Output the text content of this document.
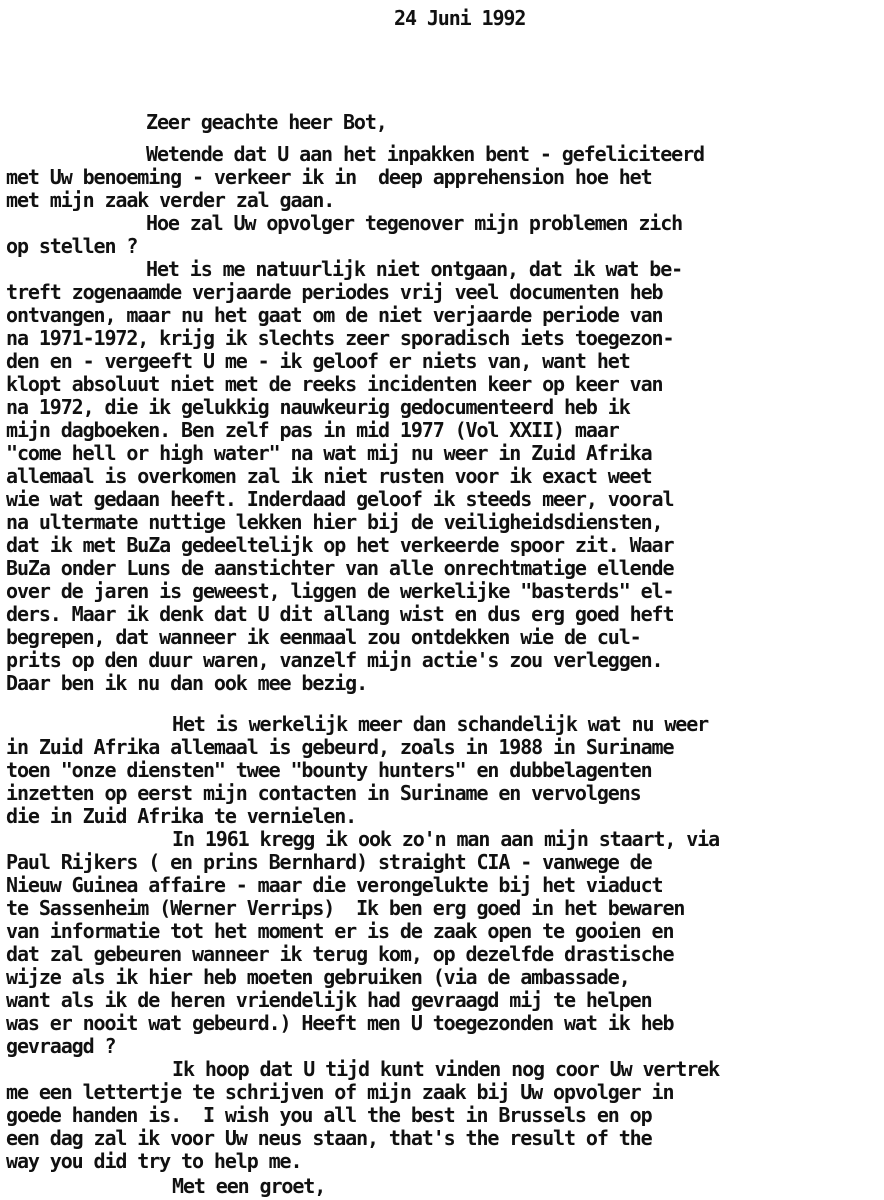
24 Juni 1992
Zeer geachte heer Bot,
Wetende dat U aan het inpakken bent - gefeliciteerd
met Uw benoeming - verkeer ik in  deep apprehension hoe het
met mijn zaak verder zal gaan.
Hoe zal Uw opvolger tegenover mijn problemen zich
op stellen ?
Het is me natuurlijk niet ontgaan, dat ik wat be-
treft zogenaamde verjaarde periodes vrij veel documenten heb
ontvangen, maar nu het gaat om de niet verjaarde periode van
na 1971-1972, krijg ik slechts zeer sporadisch iets toegezon-
den en - vergeeft U me - ik geloof er niets van, want het
klopt absoluut niet met de reeks incidenten keer op keer van
na 1972, die ik gelukkig nauwkeurig gedocumenteerd heb ik
mijn dagboeken. Ben zelf pas in mid 1977 (Vol XXII) maar
"come hell or high water" na wat mij nu weer in Zuid Afrika
allemaal is overkomen zal ik niet rusten voor ik exact weet
wie wat gedaan heeft. Inderdaad geloof ik steeds meer, vooral
na ultermate nuttige lekken hier bij de veiligheidsdiensten,
dat ik met BuZa gedeeltelijk op het verkeerde spoor zit. Waar
BuZa onder Luns de aanstichter van alle onrechtmatige ellende
over de jaren is geweest, liggen de werkelijke "basterds" el-
ders. Maar ik denk dat U dit allang wist en dus erg goed heft
begrepen, dat wanneer ik eenmaal zou ontdekken wie de cul-
prits op den duur waren, vanzelf mijn actie's zou verleggen.
Daar ben ik nu dan ook mee bezig.
Het is werkelijk meer dan schandelijk wat nu weer
in Zuid Afrika allemaal is gebeurd, zoals in 1988 in Suriname
toen "onze diensten" twee "bounty hunters" en dubbelagenten
inzetten op eerst mijn contacten in Suriname en vervolgens
die in Zuid Afrika te vernielen.
In 1961 kregg ik ook zo'n man aan mijn staart, via
Paul Rijkers ( en prins Bernhard) straight CIA - vanwege de
Nieuw Guinea affaire - maar die verongelukte bij het viaduct
te Sassenheim (Werner Verrips)  Ik ben erg goed in het bewaren
van informatie tot het moment er is de zaak open te gooien en
dat zal gebeuren wanneer ik terug kom, op dezelfde drastische
wijze als ik hier heb moeten gebruiken (via de ambassade,
want als ik de heren vriendelijk had gevraagd mij te helpen
was er nooit wat gebeurd.) Heeft men U toegezonden wat ik heb
gevraagd ?
Ik hoop dat U tijd kunt vinden nog coor Uw vertrek
me een lettertje te schrijven of mijn zaak bij Uw opvolger in
goede handen is.  I wish you all the best in Brussels en op
een dag zal ik voor Uw neus staan, that's the result of the
way you did try to help me.
Met een groet,
